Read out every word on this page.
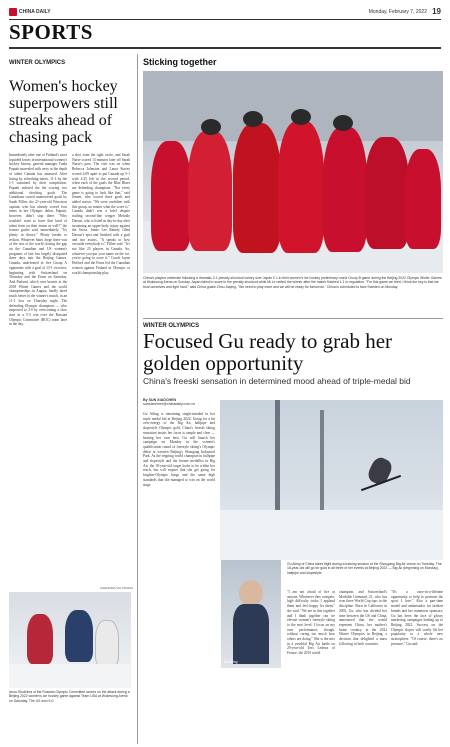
CHINA DAILY	Monday, February 7, 2022 19
SPORTS
WINTER OLYMPICS
Women's hockey superpowers still streaks ahead of chasing pack
Immediately after one of Finland's most lopsided losses in international women's hockey history, general manager Tuula Puputti marveled with envy at the depth of talent Canada has amassed. After losing by refreshing tutees, 11-1 by the 1-1 sustained by their competition, Puputti enlisted the the scoring two additional checking goals. The Canadians scored unanswered goals by Sarah Fillier, the 21-year-old Princeton captain, who has already scored four times in her Olympic debut. Puputti, however, didn't stop there. "Why wouldn't want to have that kind of talent from on their teams as well?" the former goalie said, immediately. "It's plenty in theory." Plenty harder to reckon. Whatever Saint Jorge there was of the rest of the world closing the gap on the Canadian and US women's programs of late has largely dissipated three days into the Beijing Games. Canada, undefeated in five Group A opponents with a goal of 13-1 victories, beginning with Switzerland on Thursday and the Finns on Saturday. And Finland, which won bronze at the 2018 Winter Games and the world championships in August, hardly fared much better in the winner's match, in an 11-1 loss on Thursday night. The defending Olympic champions — who improved to 2-0 by overcoming a slow start in a 5-3 win over the Russian Olympic Committee (ROC) team later in the day.
a shot from the right circle, and Sarah Nurse scored 13 minutes later off Sarah Nurse's pass. The visit was on when Rebecca Johnston and Laura Stacey scored 2:09 apart to put Canada up 5-1 with 2:25 left in the second period, when each of the goals the Blue Blues are defending champions. "Not every game is going to look like that," said Jenner, who scored three goals and added assists. "We were confident with this group, no matter what the score is." Canada didn't win a brief despite trailing second-line winger Melodie Daoust, who is listed as day-to-day after sustaining an upper-body injury against the Swiss. Jamie Lee Rattray filled Daoust's spot and finished with a goal and two assists. "It speaks to how versatile everybody is," Fillier said. "It's not like 23 players in Canada. So, whatever you put your name on the ice, you're going to score it." Coach Jayne Hefford and the Finns led the Canadian women against Finland in Olympic or world championship play.
AGENCIES VIA XINHUA
Anna Shokhina of the Russian Olympic Committee scores on the attack during a Beijing 2022 women's ice hockey game against Team USA at Wukesong Arena on Saturday. The US won 5-0.
Sticking together
China's players celebrate following a dramatic 2-1 penalty shootout victory over Japan 2-1 in their women's ice hockey preliminary round Group B game during the Beijing 2022 Olympic Winter Games at Wukesong Arena on Sunday. Japan failed to score in the penalty shootout while Mi Le netted the winner after the match finished 1-1 in regulation. "For this game we tried, I think the key is that we trust ourselves and fight hard," said China goalie Zhou Jiaying. "We need to play more and we will be ready for tomorrow." China is scheduled to face Sweden on Monday.
WINTER OLYMPICS
Focused Gu ready to grab her golden opportunity
China's freeski sensation in determined mood ahead of triple-medal bid
By SUN XIAOCHEN
sunxiaochen@chinadaily.com.cn
Gu Ailing is remaining single-minded in her triple medal bid at Beijing 2022. Going for a bit over-energy of the Big Air, halfpipe and slopestyle Olympic gold, China's freeski skiing sensation insists her focus is simple and clear — beating her own best. Gu will launch her campaign on Monday in the women's qualification round of freestyle skiing's Olympic debut at western Beijing's Shougang Industrial Park. As the reigning world champion in halfpipe and slopestyle and the bronze medallist in Big Air, the 18-year-old target looks to be within her reach, but will require that she get going for brighter-Olympic kings and the same high standards that she managed to win on the world stage.
Gu Ailing
Gu Ailing of China takes flight during a training session at the Shougang Big Air venue on Tuesday. The 18-year-old will go for gold in all three of her events at Beijing 2022 — Big Air (beginning on Monday), halfpipe and slopestyle.
"I am not afraid of fire or anyone. Whenever they compete, high difficulty tricks I applaud them and feel happy for them," she said. "We are in this together and I think together can we elevate women's freestyle skiing to the next level. I focus on my own performance, though, without caring too much how others are doing." She is the mix in a youthful Big Air battle on 20-year-old Tess Ledeux of France, the 2019 world
champion, and Switzerland's Mathilde Gremaud, 21, who has won three World Cup tops in the discipline. Born in California in 2003, Gu, who has divided her time between the US and China, announced that she would represent China, her mother's home country, at the 2022 Winter Olympics in Beijing, a decision that delighted a mass following in both countries.
"It's a once-in-a-lifetime opportunity to help to promote the sport I love." Also a part-time model and ambassador for fashion brands and her numerous sponsors, Gu has been the face of glossy marketing campaigns leading up to Beijing 2022. Success on the Olympic slopes will surely lift her popularity to a whole new stratosphere. "Of course, there's no pressure," Gu said.
